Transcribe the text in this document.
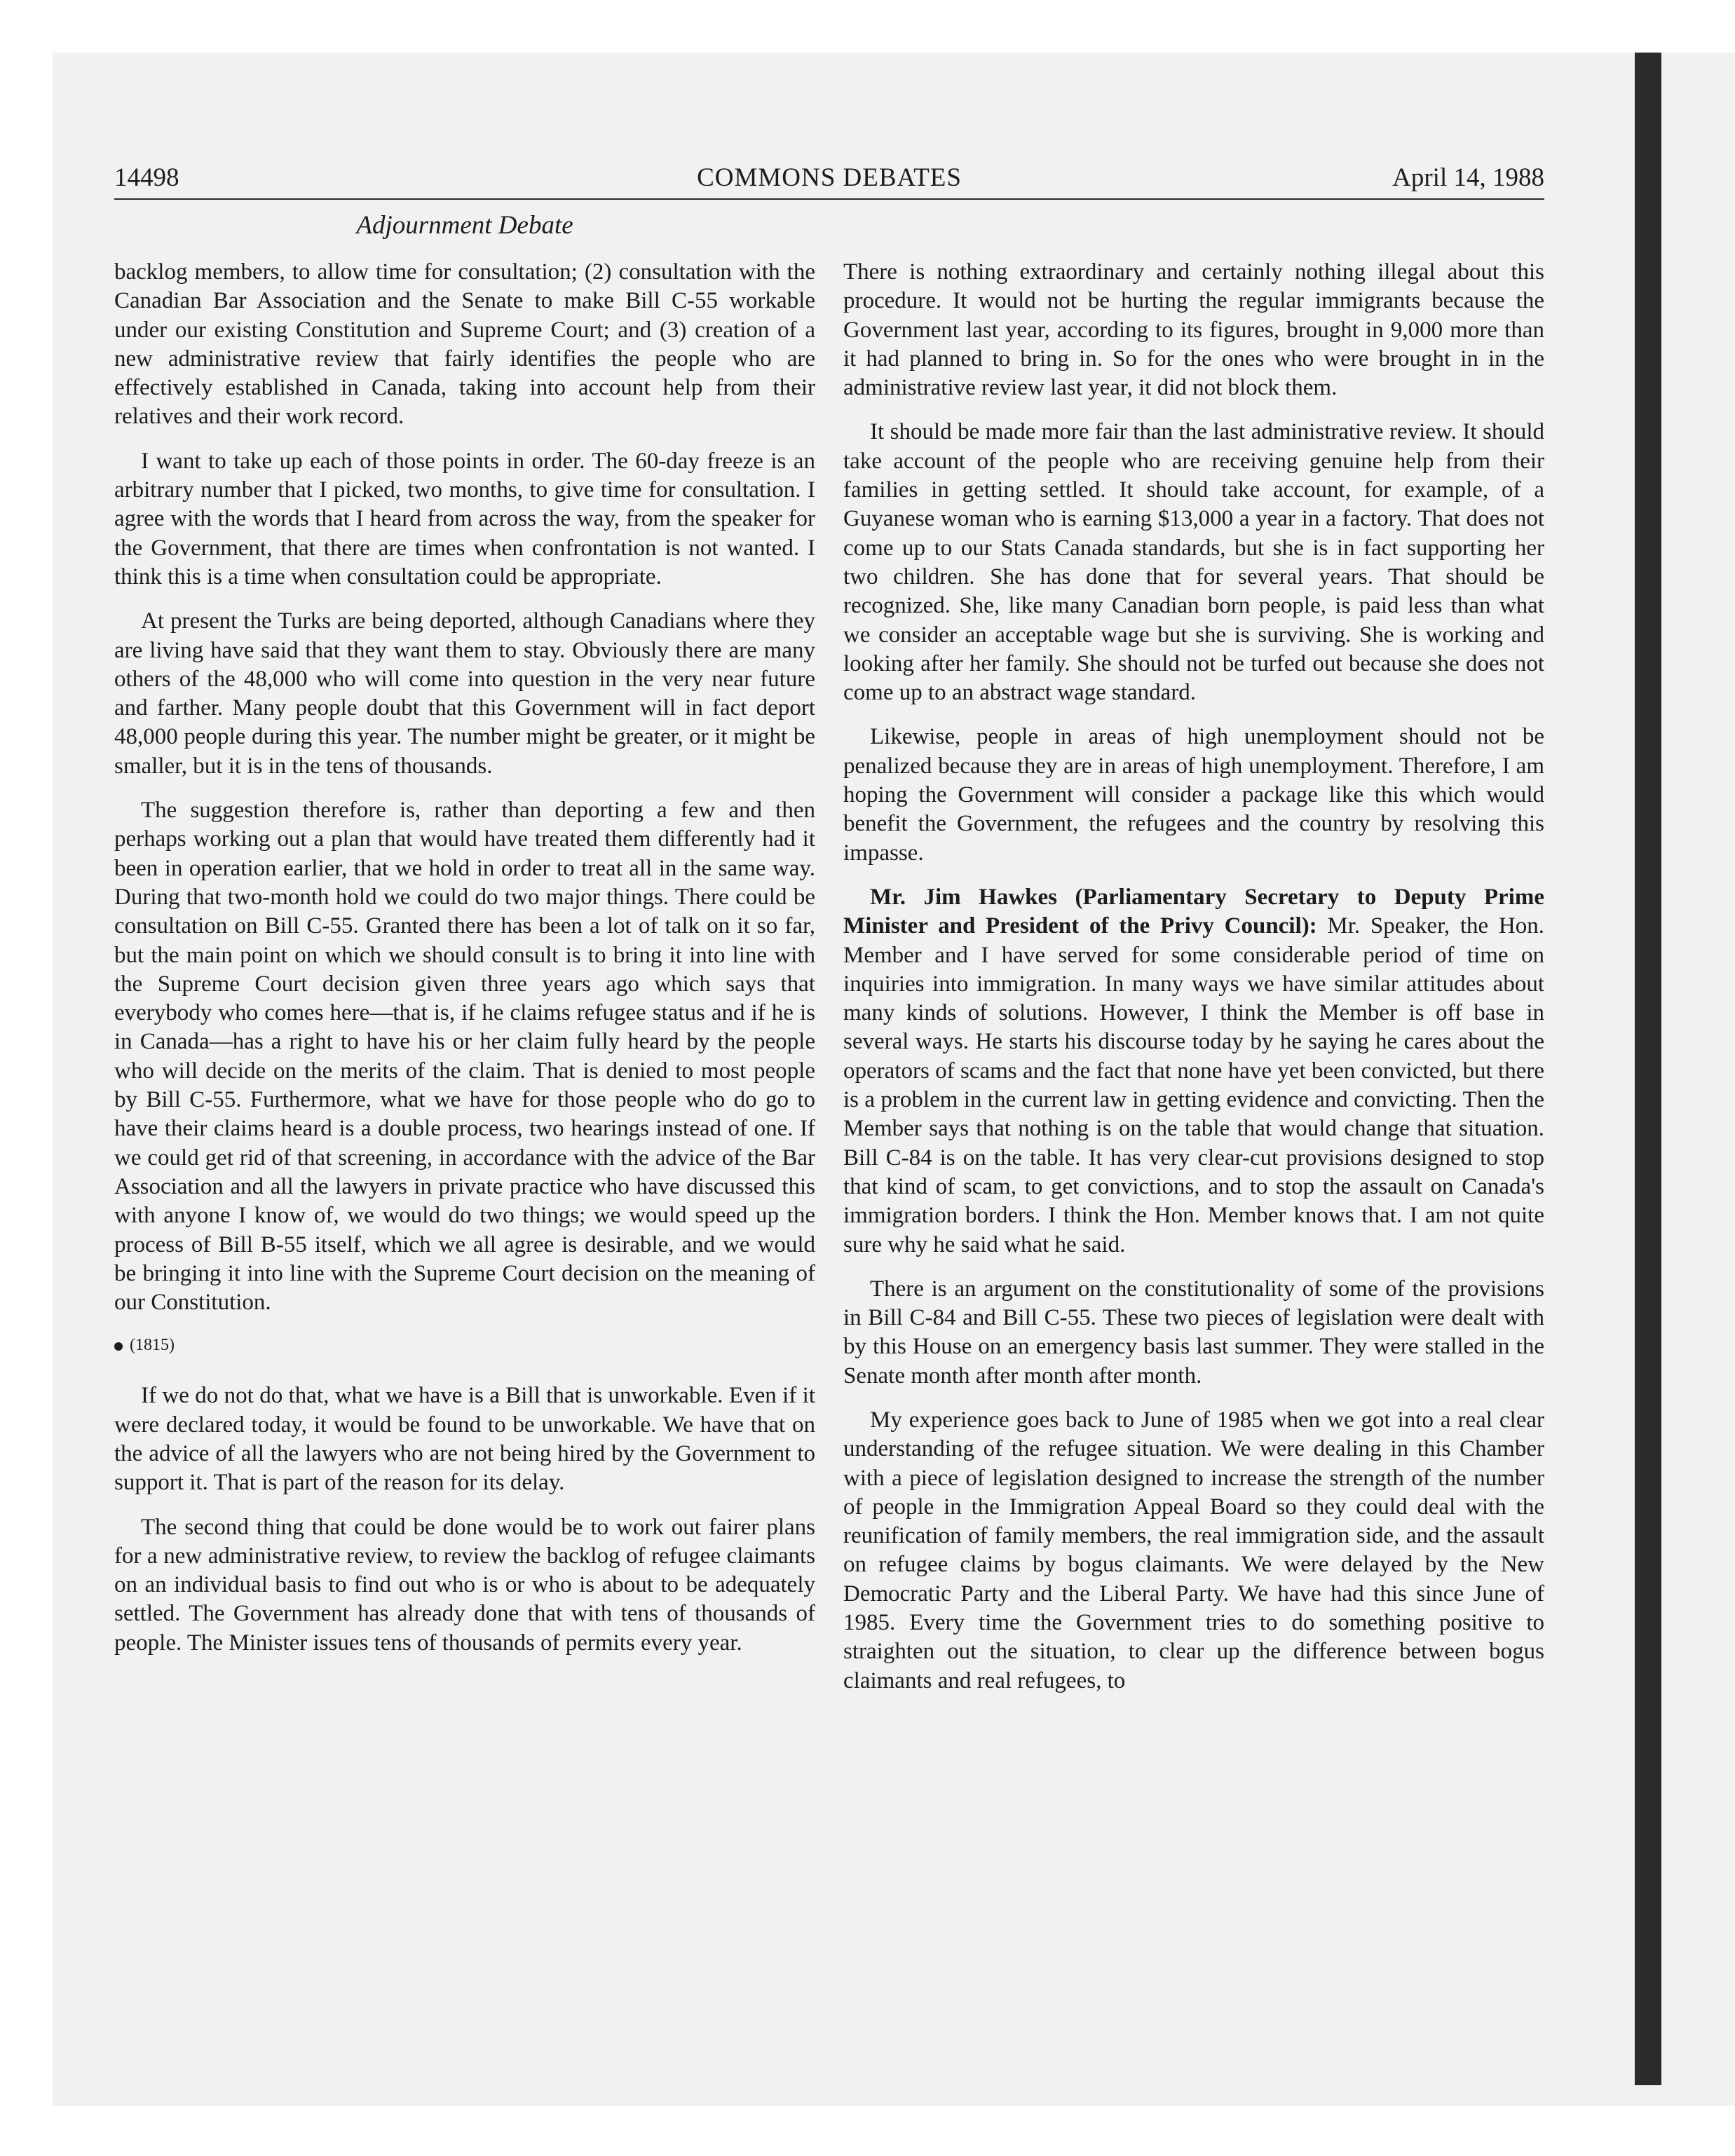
14498	COMMONS DEBATES	April 14, 1988
Adjournment Debate

backlog members, to allow time for consultation; (2) consultation with the Canadian Bar Association and the Senate to make Bill C-55 workable under our existing Constitution and Supreme Court; and (3) creation of a new administrative review that fairly identifies the people who are effectively established in Canada, taking into account help from their relatives and their work record.

I want to take up each of those points in order. The 60-day freeze is an arbitrary number that I picked, two months, to give time for consultation. I agree with the words that I heard from across the way, from the speaker for the Government, that there are times when confrontation is not wanted. I think this is a time when consultation could be appropriate.

At present the Turks are being deported, although Canadians where they are living have said that they want them to stay. Obviously there are many others of the 48,000 who will come into question in the very near future and farther. Many people doubt that this Government will in fact deport 48,000 people during this year. The number might be greater, or it might be smaller, but it is in the tens of thousands.

The suggestion therefore is, rather than deporting a few and then perhaps working out a plan that would have treated them differently had it been in operation earlier, that we hold in order to treat all in the same way. During that two-month hold we could do two major things. There could be consultation on Bill C-55. Granted there has been a lot of talk on it so far, but the main point on which we should consult is to bring it into line with the Supreme Court decision given three years ago which says that everybody who comes here—that is, if he claims refugee status and if he is in Canada—has a right to have his or her claim fully heard by the people who will decide on the merits of the claim. That is denied to most people by Bill C-55. Furthermore, what we have for those people who do go to have their claims heard is a double process, two hearings instead of one. If we could get rid of that screening, in accordance with the advice of the Bar Association and all the lawyers in private practice who have discussed this with anyone I know of, we would do two things; we would speed up the process of Bill B-55 itself, which we all agree is desirable, and we would be bringing it into line with the Supreme Court decision on the meaning of our Constitution.

(1815)

If we do not do that, what we have is a Bill that is unworkable. Even if it were declared today, it would be found to be unworkable. We have that on the advice of all the lawyers who are not being hired by the Government to support it. That is part of the reason for its delay.

The second thing that could be done would be to work out fairer plans for a new administrative review, to review the backlog of refugee claimants on an individual basis to find out who is or who is about to be adequately settled. The Government has already done that with tens of thousands of people. The Minister issues tens of thousands of permits every year.

There is nothing extraordinary and certainly nothing illegal about this procedure. It would not be hurting the regular immigrants because the Government last year, according to its figures, brought in 9,000 more than it had planned to bring in. So for the ones who were brought in in the administrative review last year, it did not block them.

It should be made more fair than the last administrative review. It should take account of the people who are receiving genuine help from their families in getting settled. It should take account, for example, of a Guyanese woman who is earning $13,000 a year in a factory. That does not come up to our Stats Canada standards, but she is in fact supporting her two children. She has done that for several years. That should be recognized. She, like many Canadian born people, is paid less than what we consider an acceptable wage but she is surviving. She is working and looking after her family. She should not be turfed out because she does not come up to an abstract wage standard.

Likewise, people in areas of high unemployment should not be penalized because they are in areas of high unemployment. Therefore, I am hoping the Government will consider a package like this which would benefit the Government, the refugees and the country by resolving this impasse.

Mr. Jim Hawkes (Parliamentary Secretary to Deputy Prime Minister and President of the Privy Council): Mr. Speaker, the Hon. Member and I have served for some considerable period of time on inquiries into immigration. In many ways we have similar attitudes about many kinds of solutions. However, I think the Member is off base in several ways. He starts his discourse today by he saying he cares about the operators of scams and the fact that none have yet been convicted, but there is a problem in the current law in getting evidence and convicting. Then the Member says that nothing is on the table that would change that situation. Bill C-84 is on the table. It has very clear-cut provisions designed to stop that kind of scam, to get convictions, and to stop the assault on Canada's immigration borders. I think the Hon. Member knows that. I am not quite sure why he said what he said.

There is an argument on the constitutionality of some of the provisions in Bill C-84 and Bill C-55. These two pieces of legislation were dealt with by this House on an emergency basis last summer. They were stalled in the Senate month after month after month.

My experience goes back to June of 1985 when we got into a real clear understanding of the refugee situation. We were dealing in this Chamber with a piece of legislation designed to increase the strength of the number of people in the Immigration Appeal Board so they could deal with the reunification of family members, the real immigration side, and the assault on refugee claims by bogus claimants. We were delayed by the New Democratic Party and the Liberal Party. We have had this since June of 1985. Every time the Government tries to do something positive to straighten out the situation, to clear up the difference between bogus claimants and real refugees, to
